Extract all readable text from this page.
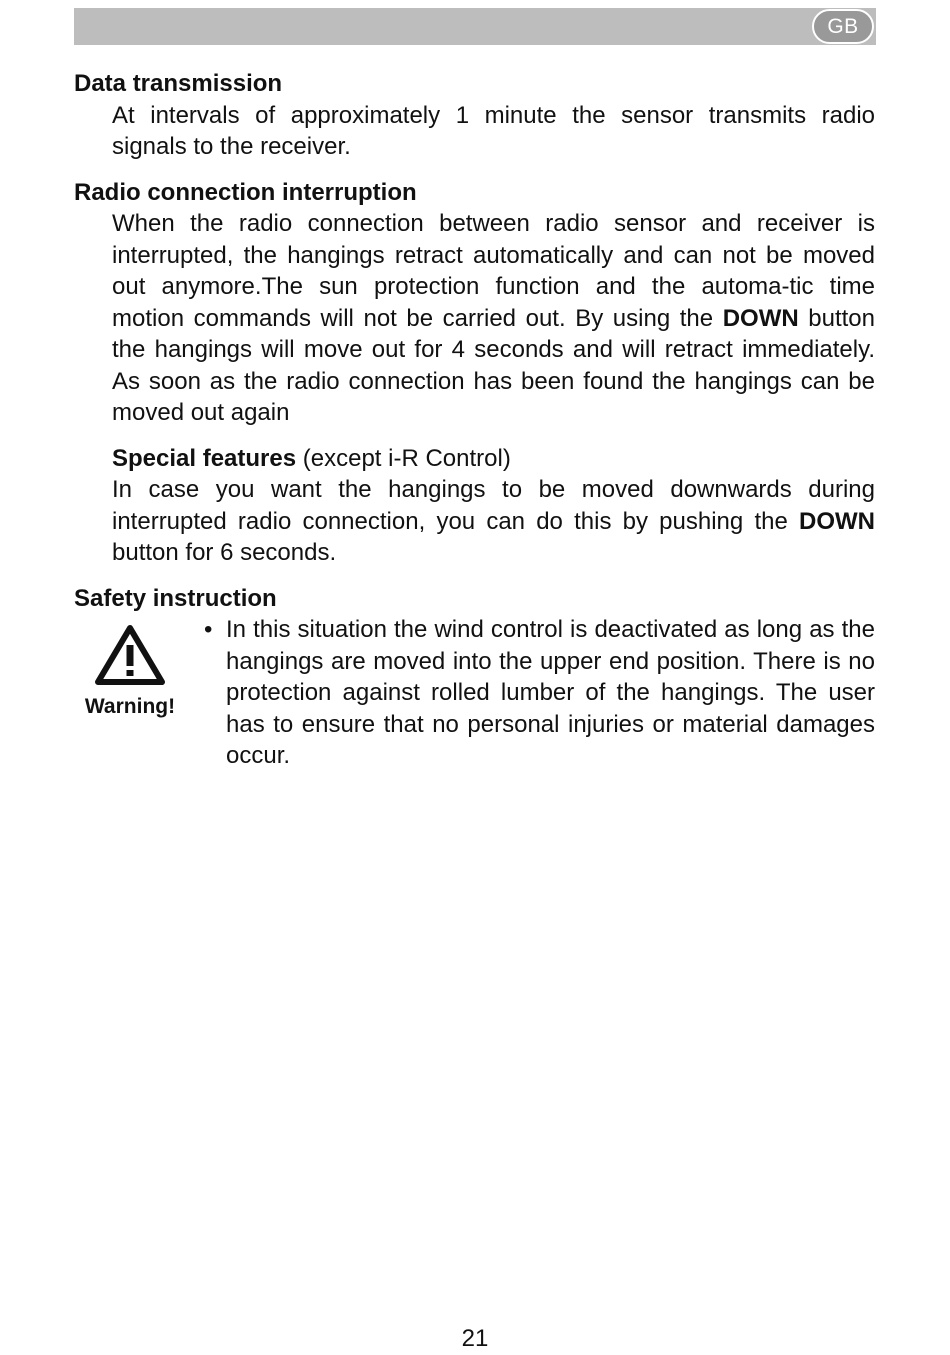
GB

Data transmission

At intervals of approximately 1 minute the sensor transmits radio signals to the receiver.

Radio connection interruption

When the radio connection between radio sensor and receiver is interrupted, the hangings retract automatically and can not be moved out anymore.The sun protection function and the automa-tic time motion commands will not be carried out. By using the DOWN button the hangings will move out for 4 seconds and will retract immediately. As soon as the radio connection has been found the hangings can be moved out again

Special features (except i-R Control)

In case you want the hangings to be moved downwards during interrupted radio connection, you can do this by pushing the DOWN button for 6 seconds.

Safety instruction

Warning!
• In this situation the wind control is deactivated as long as the hangings are moved into the upper end position. There is no protection against rolled lumber of the hangings. The user has to ensure that no personal injuries or material damages occur.
21
